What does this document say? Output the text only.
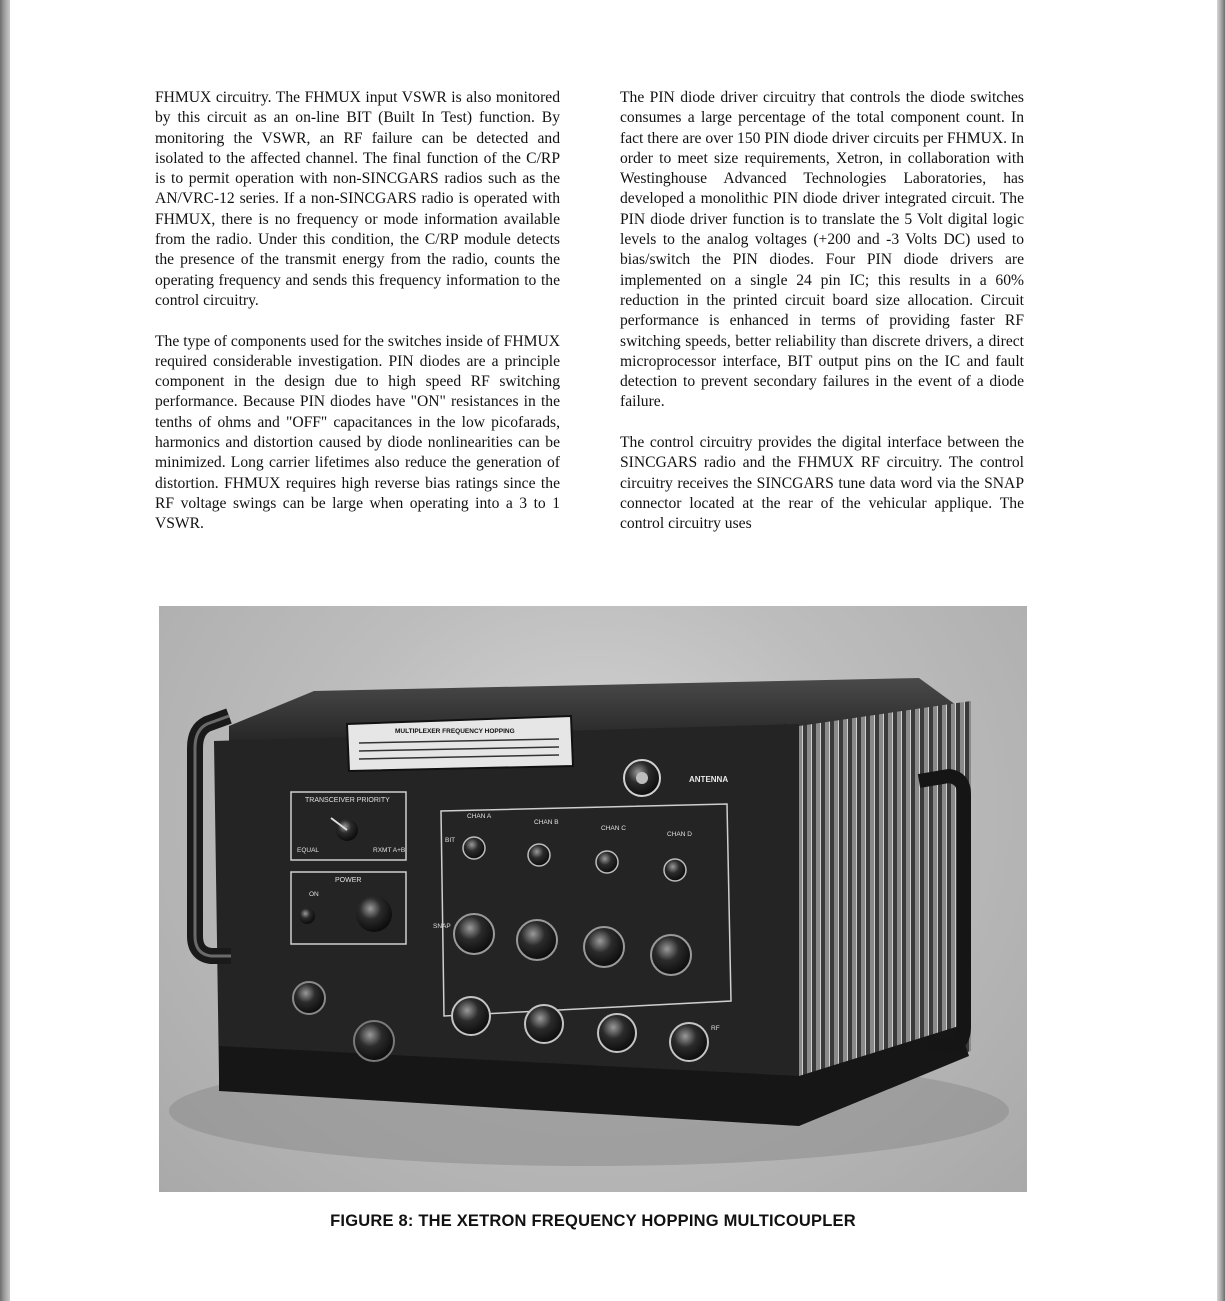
FHMUX circuitry. The FHMUX input VSWR is also monitored by this circuit as an on-line BIT (Built In Test) function. By monitoring the VSWR, an RF failure can be detected and isolated to the affected channel. The final function of the C/RP is to permit operation with non-SINCGARS radios such as the AN/VRC-12 series. If a non-SINCGARS radio is operated with FHMUX, there is no frequency or mode information available from the radio. Under this condition, the C/RP module detects the presence of the transmit energy from the radio, counts the operating frequency and sends this frequency information to the control circuitry.

The type of components used for the switches inside of FHMUX required considerable investigation. PIN diodes are a principle component in the design due to high speed RF switching performance. Because PIN diodes have "ON" resistances in the tenths of ohms and "OFF" capacitances in the low picofarads, harmonics and distortion caused by diode nonlinearities can be minimized. Long carrier lifetimes also reduce the generation of distortion. FHMUX requires high reverse bias ratings since the RF voltage swings can be large when operating into a 3 to 1 VSWR.

The PIN diode driver circuitry that controls the diode switches consumes a large percentage of the total component count. In fact there are over 150 PIN diode driver circuits per FHMUX. In order to meet size requirements, Xetron, in collaboration with Westinghouse Advanced Technologies Laboratories, has developed a monolithic PIN diode driver integrated circuit. The PIN diode driver function is to translate the 5 Volt digital logic levels to the analog voltages (+200 and -3 Volts DC) used to bias/switch the PIN diodes. Four PIN diode drivers are implemented on a single 24 pin IC; this results in a 60% reduction in the printed circuit board size allocation. Circuit performance is enhanced in terms of providing faster RF switching speeds, better reliability than discrete drivers, a direct microprocessor interface, BIT output pins on the IC and fault detection to prevent secondary failures in the event of a diode failure.

The control circuitry provides the digital interface between the SINCGARS radio and the FHMUX RF circuitry. The control circuitry receives the SINCGARS tune data word via the SNAP connector located at the rear of the vehicular applique. The control circuitry uses

MULTIPLEXER FREQUENCY HOPPING
ANTENNA
TRANSCEIVER PRIORITY
EQUAL	RXMT A+B
POWER
ON
CHAN A
CHAN B
CHAN C
CHAN D
BIT
SNAP
RF
FIGURE 8: THE XETRON FREQUENCY HOPPING MULTICOUPLER
